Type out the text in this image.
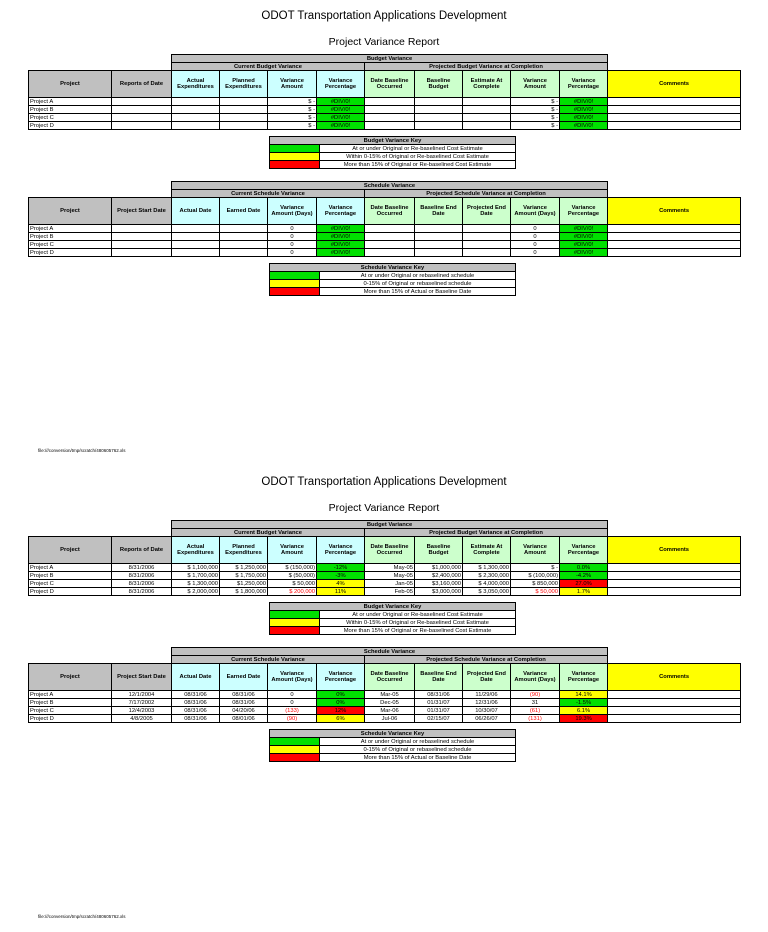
ODOT Transportation Applications Development
Project Variance Report
		Budget Variance									
		Current Budget Variance				Projected Budget Variance at Completion					
Project	Reports of Date	Actual Expenditures	Planned Expenditures	Variance Amount	Variance Percentage	Date Baseline Occurred	Baseline Budget	Estimate At Complete	Variance Amount	Variance Percentage	Comments
Project A				$ -	#DIV/0!				$ -	#DIV/0!	
Project B				$ -	#DIV/0!				$ -	#DIV/0!	
Project C				$ -	#DIV/0!				$ -	#DIV/0!	
Project D				$ -	#DIV/0!				$ -	#DIV/0!	
Budget Variance Key	
	At or under Original or Re-baselined Cost Estimate
	Within 0-15% of Original or Re-baselined Cost Estimate
	More than 15% of Original or Re-baselined Cost Estimate
		Schedule Variance									
		Current Schedule Variance				Projected Schedule Variance at Completion					
Project	Project Start Date	Actual Date	Earned Date	Variance Amount (Days)	Variance Percentage	Date Baseline Occurred	Baseline End Date	Projected End Date	Variance Amount (Days)	Variance Percentage	Comments
Project A				0	#DIV/0!				0	#DIV/0!	
Project B				0	#DIV/0!				0	#DIV/0!	
Project C				0	#DIV/0!				0	#DIV/0!	
Project D				0	#DIV/0!				0	#DIV/0!	
Schedule Variance Key	
	At or under Original or rebaselined schedule
	0-15% of Original or rebaselined schedule
	More than 15% of Actual or Baseline Date
file:///conversion/tmp/scratch/480605762.xls
ODOT Transportation Applications Development
Project Variance Report
		Budget Variance									
		Current Budget Variance				Projected Budget Variance at Completion					
Project	Reports of Date	Actual Expenditures	Planned Expenditures	Variance Amount	Variance Percentage	Date Baseline Occurred	Baseline Budget	Estimate At Complete	Variance Amount	Variance Percentage	Comments
Project A	8/31/2006	$ 1,100,000	$ 1,250,000	$ (150,000)	-12%	May-05	$1,000,000	$ 1,300,000	$ -	0.0%	
Project B	8/31/2006	$ 1,700,000	$ 1,750,000	$ (50,000)	-3%	May-05	$2,400,000	$ 2,300,000	$ (100,000)	-4.2%	
Project C	8/31/2006	$ 1,300,000	$1,250,000	$ 50,000	4%	Jan-05	$3,160,000	$ 4,000,000	$ 850,000	27.0%	
Project D	8/31/2006	$ 2,000,000	$ 1,800,000	$ 200,000	11%	Feb-05	$3,000,000	$ 3,050,000	$ 50,000	1.7%	
Budget Variance Key	
	At or under Original or Re-baselined Cost Estimate
	Within 0-15% of Original or Re-baselined Cost Estimate
	More than 15% of Original or Re-baselined Cost Estimate
		Schedule Variance									
		Current Schedule Variance				Projected Schedule Variance at Completion					
Project	Project Start Date	Actual Date	Earned Date	Variance Amount (Days)	Variance Percentage	Date Baseline Occurred	Baseline End Date	Projected End Date	Variance Amount (Days)	Variance Percentage	Comments
Project A	12/1/2004	08/31/06	08/31/06	0	0%	Mar-05	08/31/06	11/29/06	(90)	14.1%	
Project B	7/17/2002	08/31/06	08/31/06	0	0%	Dec-05	01/31/07	12/31/06	31	-1.5%	
Project C	12/4/2003	08/31/06	04/20/06	(133)	12%	Mar-06	01/31/07	10/30/07	(61)	6.1%	
Project D	4/8/2005	08/31/06	08/01/06	(90)	6%	Jul-06	02/15/07	06/26/07	(131)	19.3%	
Schedule Variance Key	
	At or under Original or rebaselined schedule
	0-15% of Original or rebaselined schedule
	More than 15% of Actual or Baseline Date
file:///conversion/tmp/scratch/480605762.xls
